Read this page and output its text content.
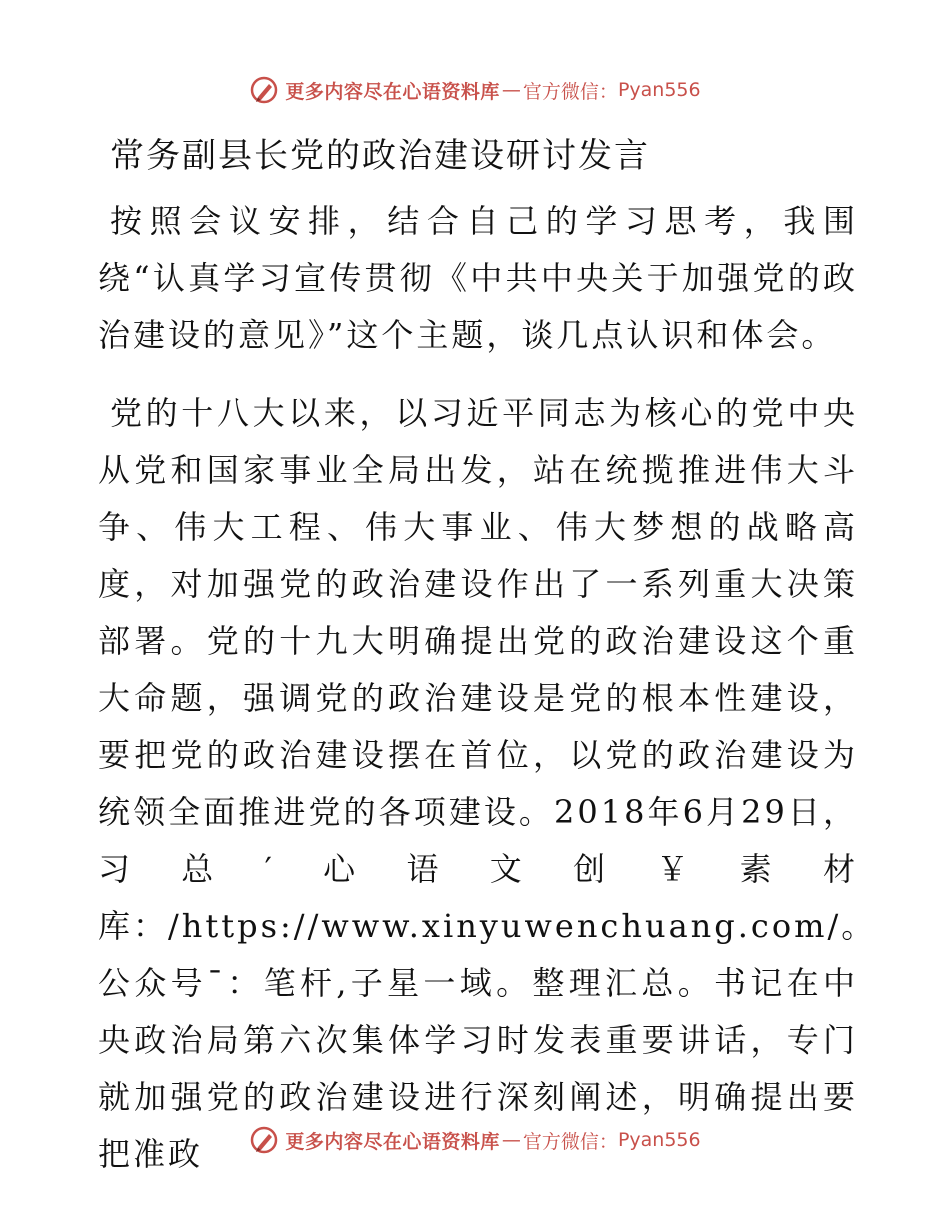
更多内容尽在心语资料库 — 官方微信： Pyan556
常务副县长党的政治建设研讨发言

按照会议安排，结合自己的学习思考，我围绕“认真学习宣传贯彻《中共中央关于加强党的政治建设的意见》”这个主题，谈几点认识和体会。

党的十八大以来，以习近平同志为核心的党中央从党和国家事业全局出发，站在统揽推进伟大斗争、伟大工程、伟大事业、伟大梦想的战略高度，对加强党的政治建设作出了一系列重大决策部署。党的十九大明确提出党的政治建设这个重大命题，强调党的政治建设是党的根本性建设，要把党的政治建设摆在首位，以党的政治建设为统领全面推进党的各项建设。2018年6月29日，习总′心语文创￥素材库：/https://www.xinyuwenchuang.com/。公众号¯：笔杆,子星一域。整理汇总。书记在中央政治局第六次集体学习时发表重要讲话，专门就加强党的政治建设进行深刻阐述，明确提出要把准政	更多内容尽在心语资料库 — 官方微信： Pyan556
